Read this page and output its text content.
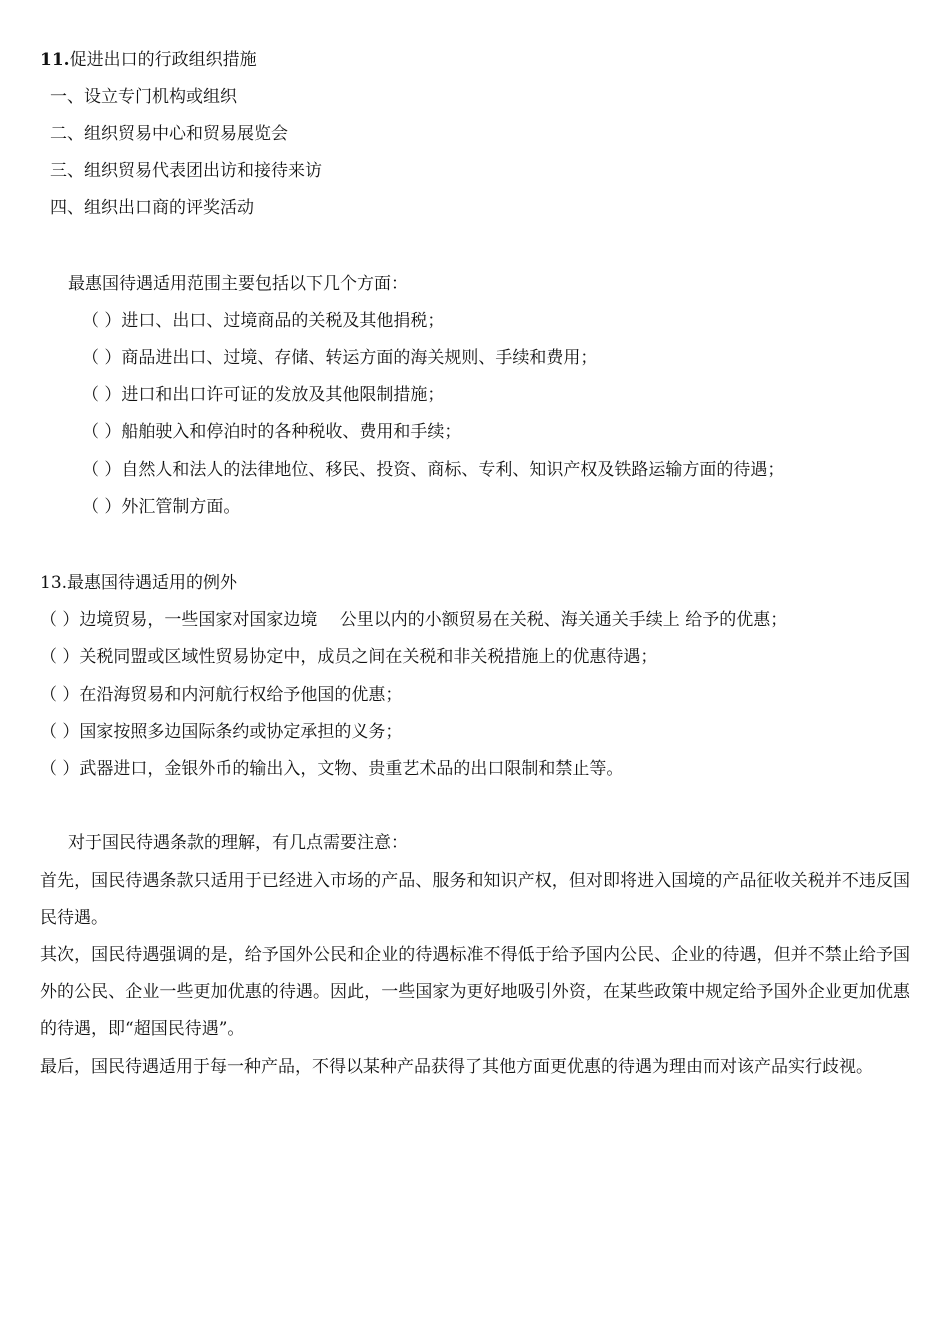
11.促进出口的行政组织措施
一、设立专门机构或组织
二、组织贸易中心和贸易展览会
三、组织贸易代表团出访和接待来访
四、组织出口商的评奖活动
最惠国待遇适用范围主要包括以下几个方面：
（ ）进口、出口、过境商品的关税及其他捐税；
（ ）商品进出口、过境、存储、转运方面的海关规则、手续和费用；
（ ）进口和出口许可证的发放及其他限制措施；
（ ）船舶驶入和停泊时的各种税收、费用和手续；
（ ）自然人和法人的法律地位、移民、投资、商标、专利、知识产权及铁路运输方面的待遇；
（ ）外汇管制方面。
13.最惠国待遇适用的例外
（ ）边境贸易，一些国家对国家边境　 公里以内的小额贸易在关税、海关通关手续上 给予的优惠；
（ ）关税同盟或区域性贸易协定中，成员之间在关税和非关税措施上的优惠待遇；
（ ）在沿海贸易和内河航行权给予他国的优惠；
（ ）国家按照多边国际条约或协定承担的义务；
（ ）武器进口，金银外币的输出入，文物、贵重艺术品的出口限制和禁止等。
对于国民待遇条款的理解，有几点需要注意：
首先，国民待遇条款只适用于已经进入市场的产品、服务和知识产权，但对即将进入国境的产品征收关税并不违反国民待遇。
其次，国民待遇强调的是，给予国外公民和企业的待遇标准不得低于给予国内公民、企业的待遇，但并不禁止给予国外的公民、企业一些更加优惠的待遇。因此，一些国家为更好地吸引外资，在某些政策中规定给予国外企业更加优惠的待遇，即“超国民待遇”。
最后，国民待遇适用于每一种产品，不得以某种产品获得了其他方面更优惠的待遇为理由而对该产品实行歧视。
